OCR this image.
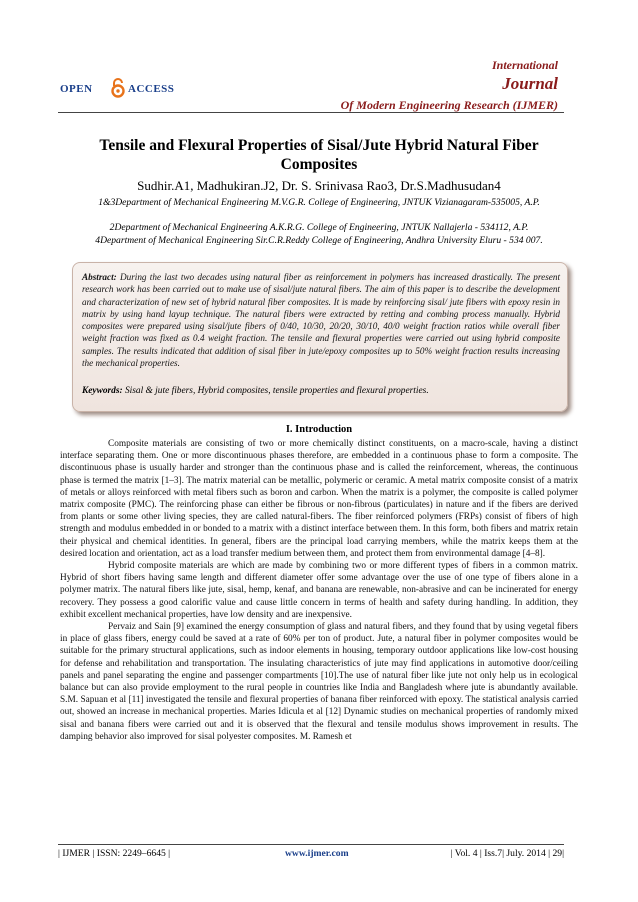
OPEN	ACCESS
International
Journal
Of Modern Engineering Research (IJMER)
Tensile and Flexural Properties of Sisal/Jute Hybrid Natural Fiber Composites
Sudhir.A1, Madhukiran.J2, Dr. S. Srinivasa Rao3, Dr.S.Madhusudan4
1&3Department of Mechanical Engineering M.V.G.R. College of Engineering, JNTUK Vizianagaram-535005, A.P.
2Department of Mechanical Engineering A.K.R.G. College of Engineering, JNTUK Nallajerla - 534112, A.P.
4Department of Mechanical Engineering Sir.C.R.Reddy College of Engineering, Andhra University Eluru - 534 007.
Abstract: During the last two decades using natural fiber as reinforcement in polymers has increased drastically. The present research work has been carried out to make use of sisal/jute natural fibers. The aim of this paper is to describe the development and characterization of new set of hybrid natural fiber composites. It is made by reinforcing sisal/ jute fibers with epoxy resin in matrix by using hand layup technique. The natural fibers were extracted by retting and combing process manually. Hybrid composites were prepared using sisal/jute fibers of 0/40, 10/30, 20/20, 30/10, 40/0 weight fraction ratios while overall fiber weight fraction was fixed as 0.4 weight fraction. The tensile and flexural properties were carried out using hybrid composite samples. The results indicated that addition of sisal fiber in jute/epoxy composites up to 50% weight fraction results increasing the mechanical properties.
Keywords: Sisal & jute fibers, Hybrid composites, tensile properties and flexural properties.
I. Introduction

Composite materials are consisting of two or more chemically distinct constituents, on a macro-scale, having a distinct interface separating them. One or more discontinuous phases therefore, are embedded in a continuous phase to form a composite. The discontinuous phase is usually harder and stronger than the continuous phase and is called the reinforcement, whereas, the continuous phase is termed the matrix [1–3]. The matrix material can be metallic, polymeric or ceramic. A metal matrix composite consist of a matrix of metals or alloys reinforced with metal fibers such as boron and carbon. When the matrix is a polymer, the composite is called polymer matrix composite (PMC). The reinforcing phase can either be fibrous or non-fibrous (particulates) in nature and if the fibers are derived from plants or some other living species, they are called natural-fibers. The fiber reinforced polymers (FRPs) consist of fibers of high strength and modulus embedded in or bonded to a matrix with a distinct interface between them. In this form, both fibers and matrix retain their physical and chemical identities. In general, fibers are the principal load carrying members, while the matrix keeps them at the desired location and orientation, act as a load transfer medium between them, and protect them from environmental damage [4–8].

Hybrid composite materials are which are made by combining two or more different types of fibers in a common matrix. Hybrid of short fibers having same length and different diameter offer some advantage over the use of one type of fibers alone in a polymer matrix. The natural fibers like jute, sisal, hemp, kenaf, and banana are renewable, non-abrasive and can be incinerated for energy recovery. They possess a good calorific value and cause little concern in terms of health and safety during handling. In addition, they exhibit excellent mechanical properties, have low density and are inexpensive.

Pervaiz and Sain [9] examined the energy consumption of glass and natural fibers, and they found that by using vegetal fibers in place of glass fibers, energy could be saved at a rate of 60% per ton of product. Jute, a natural fiber in polymer composites would be suitable for the primary structural applications, such as indoor elements in housing, temporary outdoor applications like low-cost housing for defense and rehabilitation and transportation. The insulating characteristics of jute may find applications in automotive door/ceiling panels and panel separating the engine and passenger compartments [10].The use of natural fiber like jute not only help us in ecological balance but can also provide employment to the rural people in countries like India and Bangladesh where jute is abundantly available. S.M. Sapuan et al [11] investigated the tensile and flexural properties of banana fiber reinforced with epoxy. The statistical analysis carried out, showed an increase in mechanical properties. Maries Idicula et al [12] Dynamic studies on mechanical properties of randomly mixed sisal and banana fibers were carried out and it is observed that the flexural and tensile modulus shows improvement in results. The damping behavior also improved for sisal polyester composites. M. Ramesh et

| IJMER | ISSN: 2249–6645 |	www.ijmer.com	| Vol. 4 | Iss.7| July. 2014 | 29|
